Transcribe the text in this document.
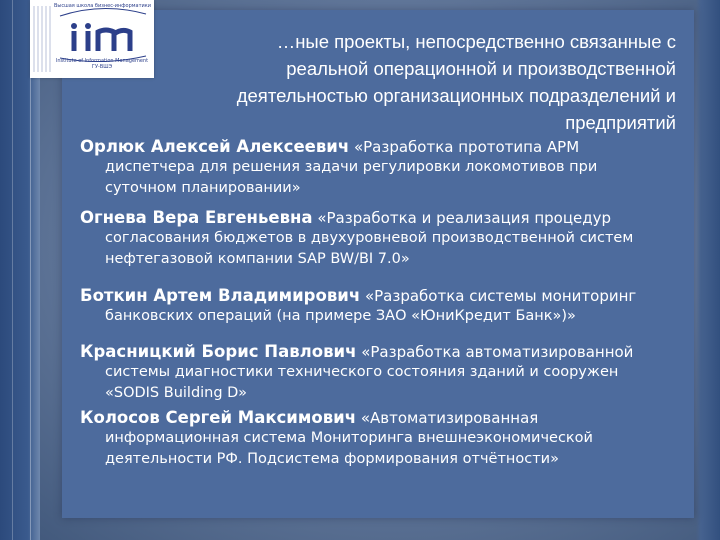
Высшая школа бизнес-информатики
Institute of Information Management
ГУ-ВШЭ
…ные проекты, непосредственно связанные с
реальной операционной и производственной
деятельностью организационных подразделений и
предприятий
Орлюк Алексей Алексеевич «Разработка прототипа АРМ
диспетчера для решения задачи регулировки локомотивов при
суточном планировании»
Огнева Вера Евгеньевна «Разработка и реализация процедур
согласования бюджетов в двухуровневой производственной систем
нефтегазовой компании SAP BW/BI 7.0»
Боткин Артем Владимирович «Разработка системы мониторинг
банковских операций (на примере ЗАО «ЮниКредит Банк»)»
Красницкий Борис Павлович «Разработка автоматизированной
системы диагностики технического состояния зданий и сооружен
«SODIS Building D»
Колосов Сергей Максимович «Автоматизированная
информационная система Мониторинга внешнеэкономической
деятельности РФ. Подсистема формирования отчётности»
